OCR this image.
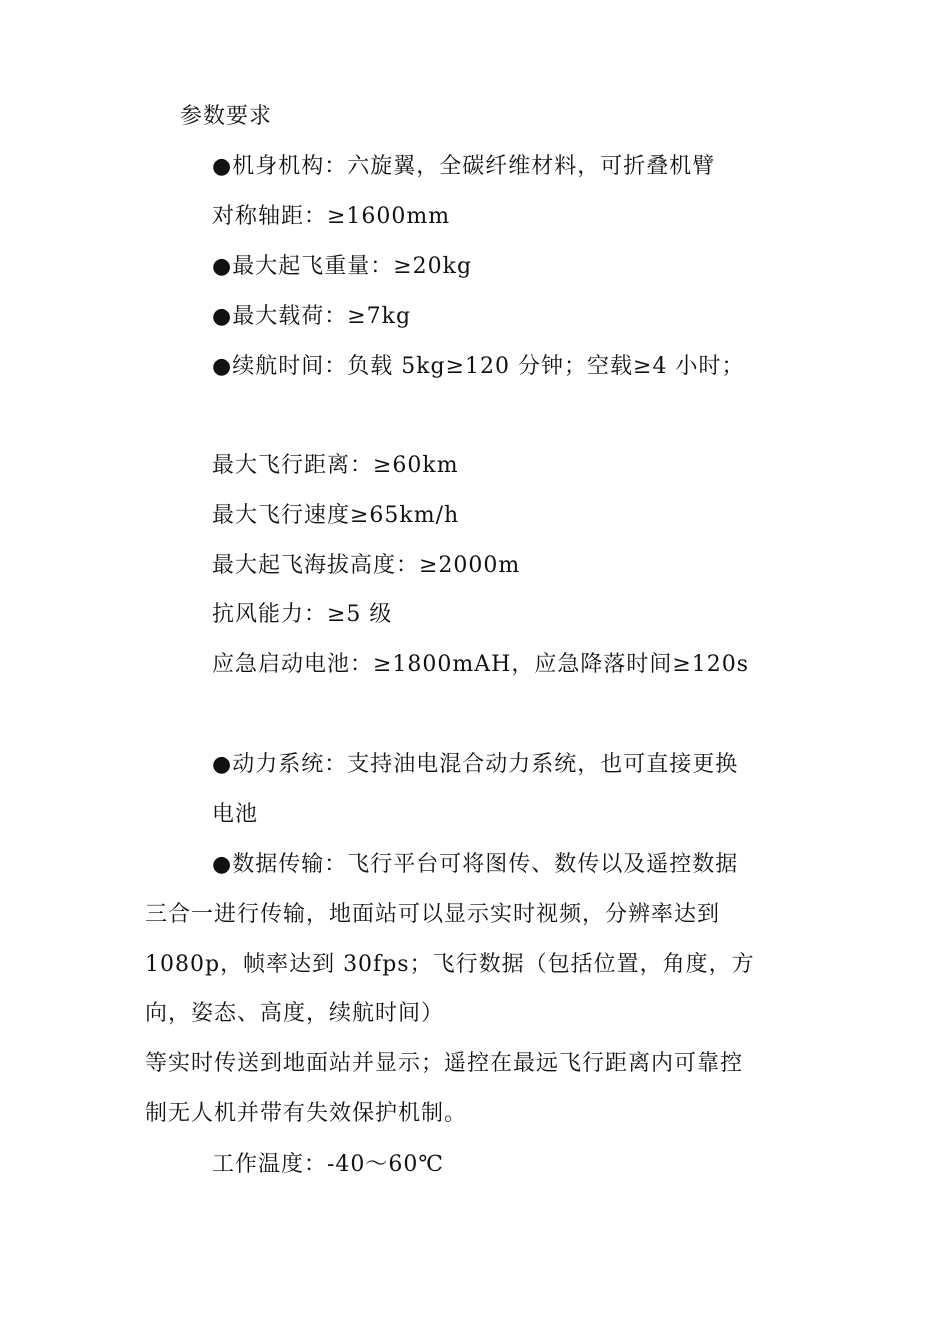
参数要求
●机身机构：六旋翼，全碳纤维材料，可折叠机臂
对称轴距：≥1600mm
●最大起飞重量：≥20kg
●最大载荷：≥7kg
●续航时间：负载 5kg≥120 分钟；空载≥4 小时；
最大飞行距离：≥60km
最大飞行速度≥65km/h
最大起飞海拔高度：≥2000m
抗风能力：≥5 级
应急启动电池：≥1800mAH，应急降落时间≥120s
●动力系统：支持油电混合动力系统，也可直接更换
电池
●数据传输：飞行平台可将图传、数传以及遥控数据
三合一进行传输，地面站可以显示实时视频，分辨率达到
1080p，帧率达到 30fps；飞行数据（包括位置，角度，方
向，姿态、高度，续航时间）
等实时传送到地面站并显示；遥控在最远飞行距离内可靠控
制无人机并带有失效保护机制。
工作温度：-40～60℃
